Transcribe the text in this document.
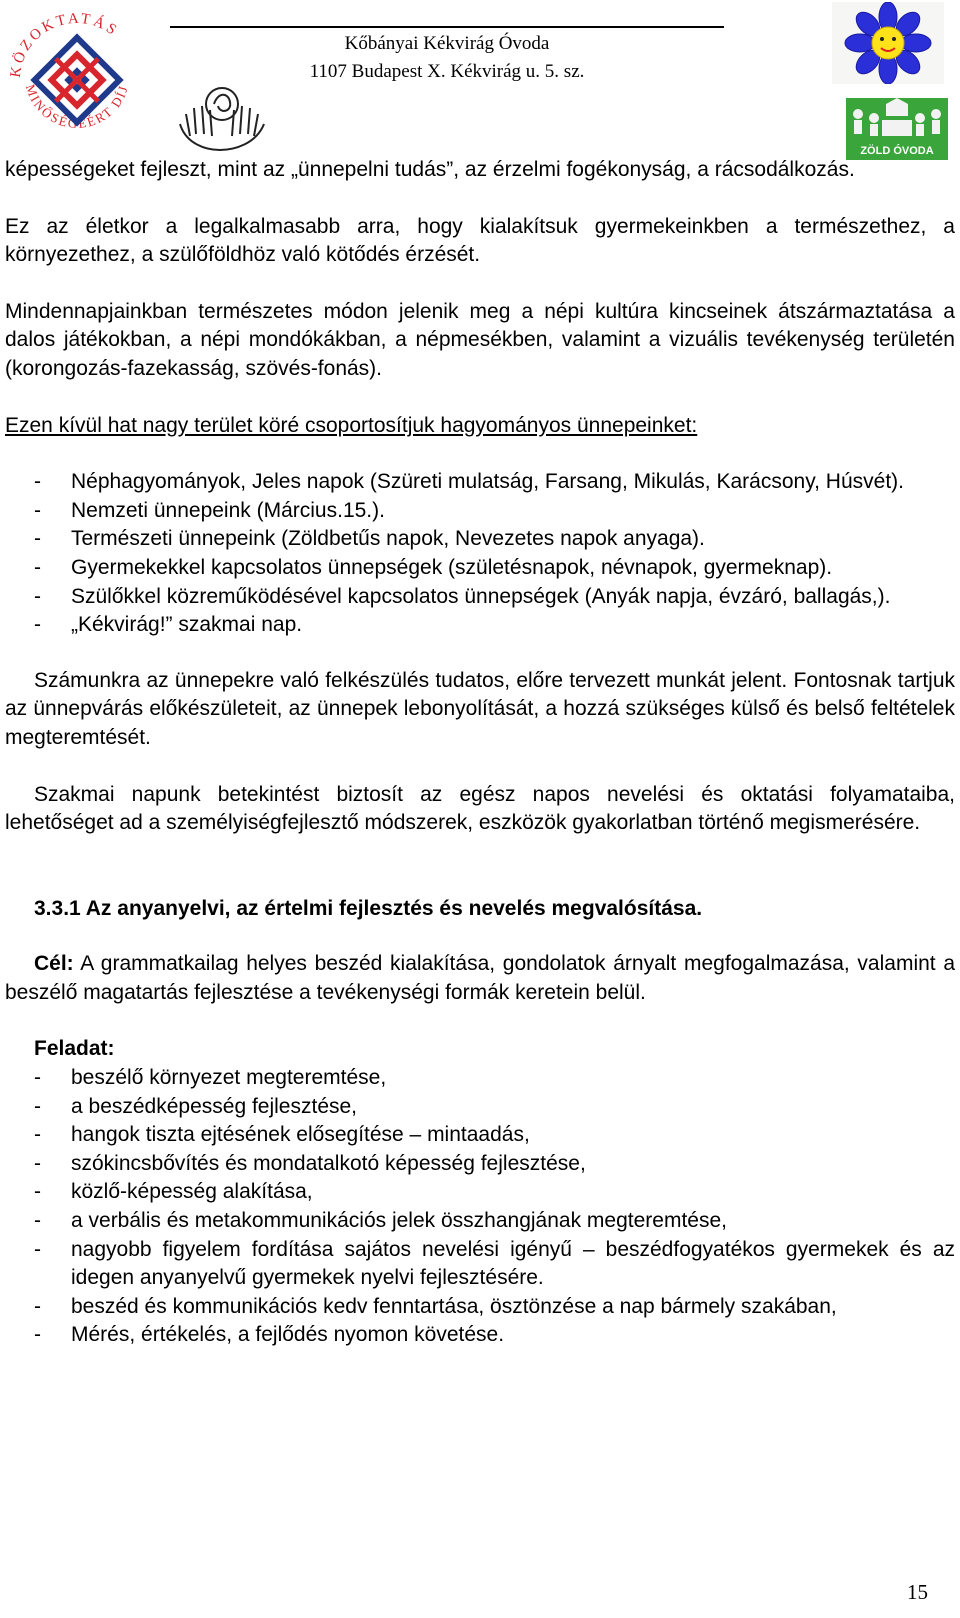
KÖZOKTATÁS
MINŐSÉGÉÉRT DÍJ
Kőbányai Kékvirág Óvoda
1107 Budapest X. Kékvirág u. 5. sz.
ZÖLD ÓVODA

képességeket fejleszt, mint az „ünnepelni tudás”, az érzelmi fogékonyság, a rácsodálkozás.

Ez az életkor a legalkalmasabb arra, hogy kialakítsuk gyermekeinkben a természethez, a környezethez, a szülőföldhöz való kötődés érzését.

Mindennapjainkban természetes módon jelenik meg a népi kultúra kincseinek átszármaztatása a dalos játékokban, a népi mondókákban, a népmesékben, valamint a vizuális tevékenység területén (korongozás-fazekasság, szövés-fonás).

Ezen kívül hat nagy terület köré csoportosítjuk hagyományos ünnepeinket:

- Néphagyományok, Jeles napok (Szüreti mulatság, Farsang, Mikulás, Karácsony, Húsvét).
- Nemzeti ünnepeink (Március.15.).
- Természeti ünnepeink (Zöldbetűs napok, Nevezetes napok anyaga).
- Gyermekekkel kapcsolatos ünnepségek (születésnapok, névnapok, gyermeknap).
- Szülőkkel közreműködésével kapcsolatos ünnepségek (Anyák napja, évzáró, ballagás,).
- „Kékvirág!” szakmai nap.

Számunkra az ünnepekre való felkészülés tudatos, előre tervezett munkát jelent. Fontosnak tartjuk az ünnepvárás előkészületeit, az ünnepek lebonyolítását, a hozzá szükséges külső és belső feltételek megteremtését.

Szakmai napunk betekintést biztosít az egész napos nevelési és oktatási folyamataiba, lehetőséget ad a személyiségfejlesztő módszerek, eszközök gyakorlatban történő megismerésére.

3.3.1 Az anyanyelvi, az értelmi fejlesztés és nevelés megvalósítása.

Cél: A grammatkailag helyes beszéd kialakítása, gondolatok árnyalt megfogalmazása, valamint a beszélő magatartás fejlesztése a tevékenységi formák keretein belül.

Feladat:

- beszélő környezet megteremtése,
- a beszédképesség fejlesztése,
- hangok tiszta ejtésének elősegítése – mintaadás,
- szókincsbővítés és mondatalkotó képesség fejlesztése,
- közlő-képesség alakítása,
- a verbális és metakommunikációs jelek összhangjának megteremtése,
- nagyobb figyelem fordítása sajátos nevelési igényű – beszédfogyatékos gyermekek és az idegen anyanyelvű gyermekek nyelvi fejlesztésére.
- beszéd és kommunikációs kedv fenntartása, ösztönzése a nap bármely szakában,
- Mérés, értékelés, a fejlődés nyomon követése.
15
